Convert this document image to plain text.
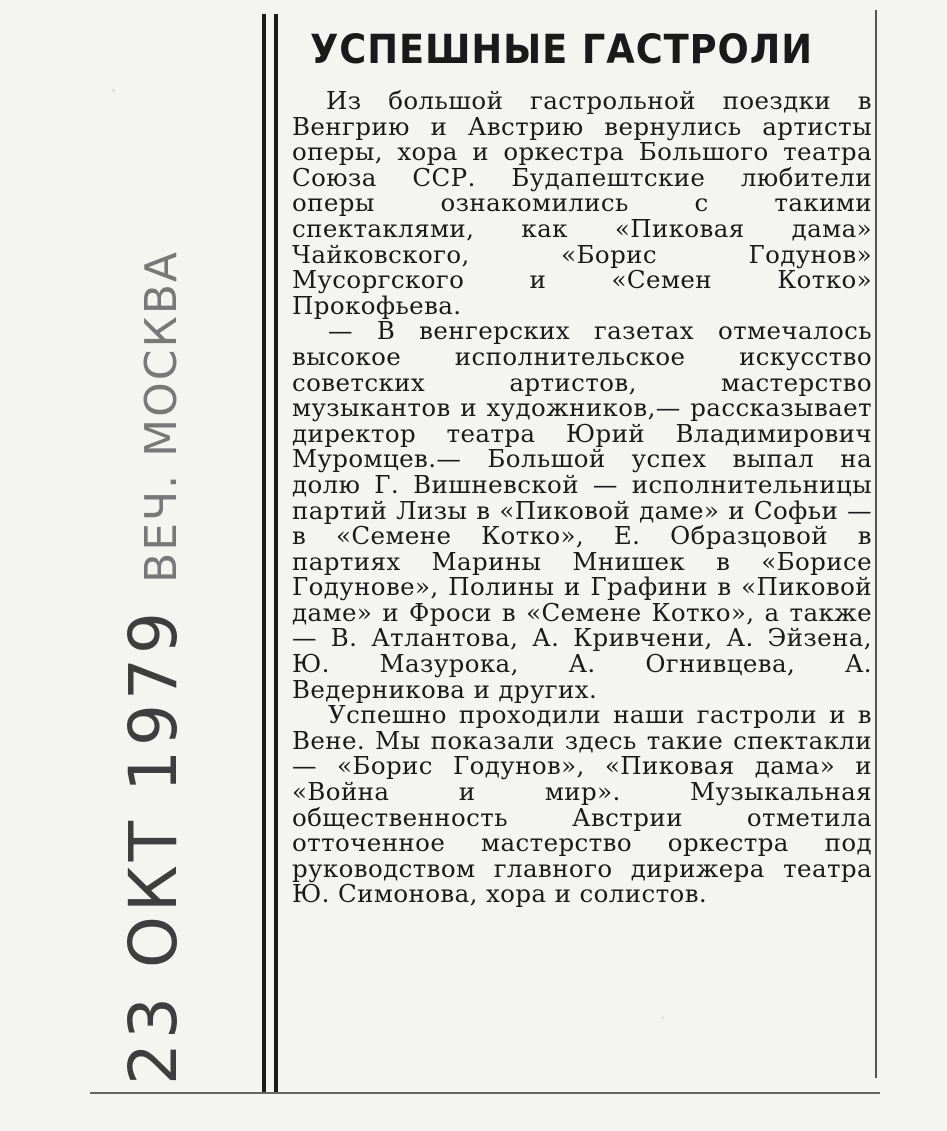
23 ОКТ 1979 ВЕЧ. МОСКВА
УСПЕШНЫЕ ГАСТРОЛИ

Из большой гастрольной поездки в Венгрию и Австрию вернулись артисты оперы, хора и оркестра Большого театра Союза ССР. Будапештские любители оперы ознакомились с такими спектаклями, как «Пиковая дама» Чайковского, «Борис Годунов» Мусоргского и «Семен Котко» Прокофьева.

— В венгерских газетах отмечалось высокое исполнительское искусство советских артистов, мастерство музыкантов и художников,— рассказывает директор театра Юрий Владимирович Муромцев.— Большой успех выпал на долю Г. Вишневской — исполнительницы партий Лизы в «Пиковой даме» и Софьи — в «Семене Котко», Е. Образцовой в партиях Марины Мнишек в «Борисе Годунове», Полины и Графини в «Пиковой даме» и Фроси в «Семене Котко», а также — В. Атлантова, А. Кривчени, А. Эйзена, Ю. Мазурока, А. Огнивцева, А. Ведерникова и других.

Успешно проходили наши гастроли и в Вене. Мы показали здесь такие спектакли — «Борис Годунов», «Пиковая дама» и «Война и мир». Музыкальная общественность Австрии отметила отточенное мастерство оркестра под руководством главного дирижера театра Ю. Симонова, хора и солистов.
